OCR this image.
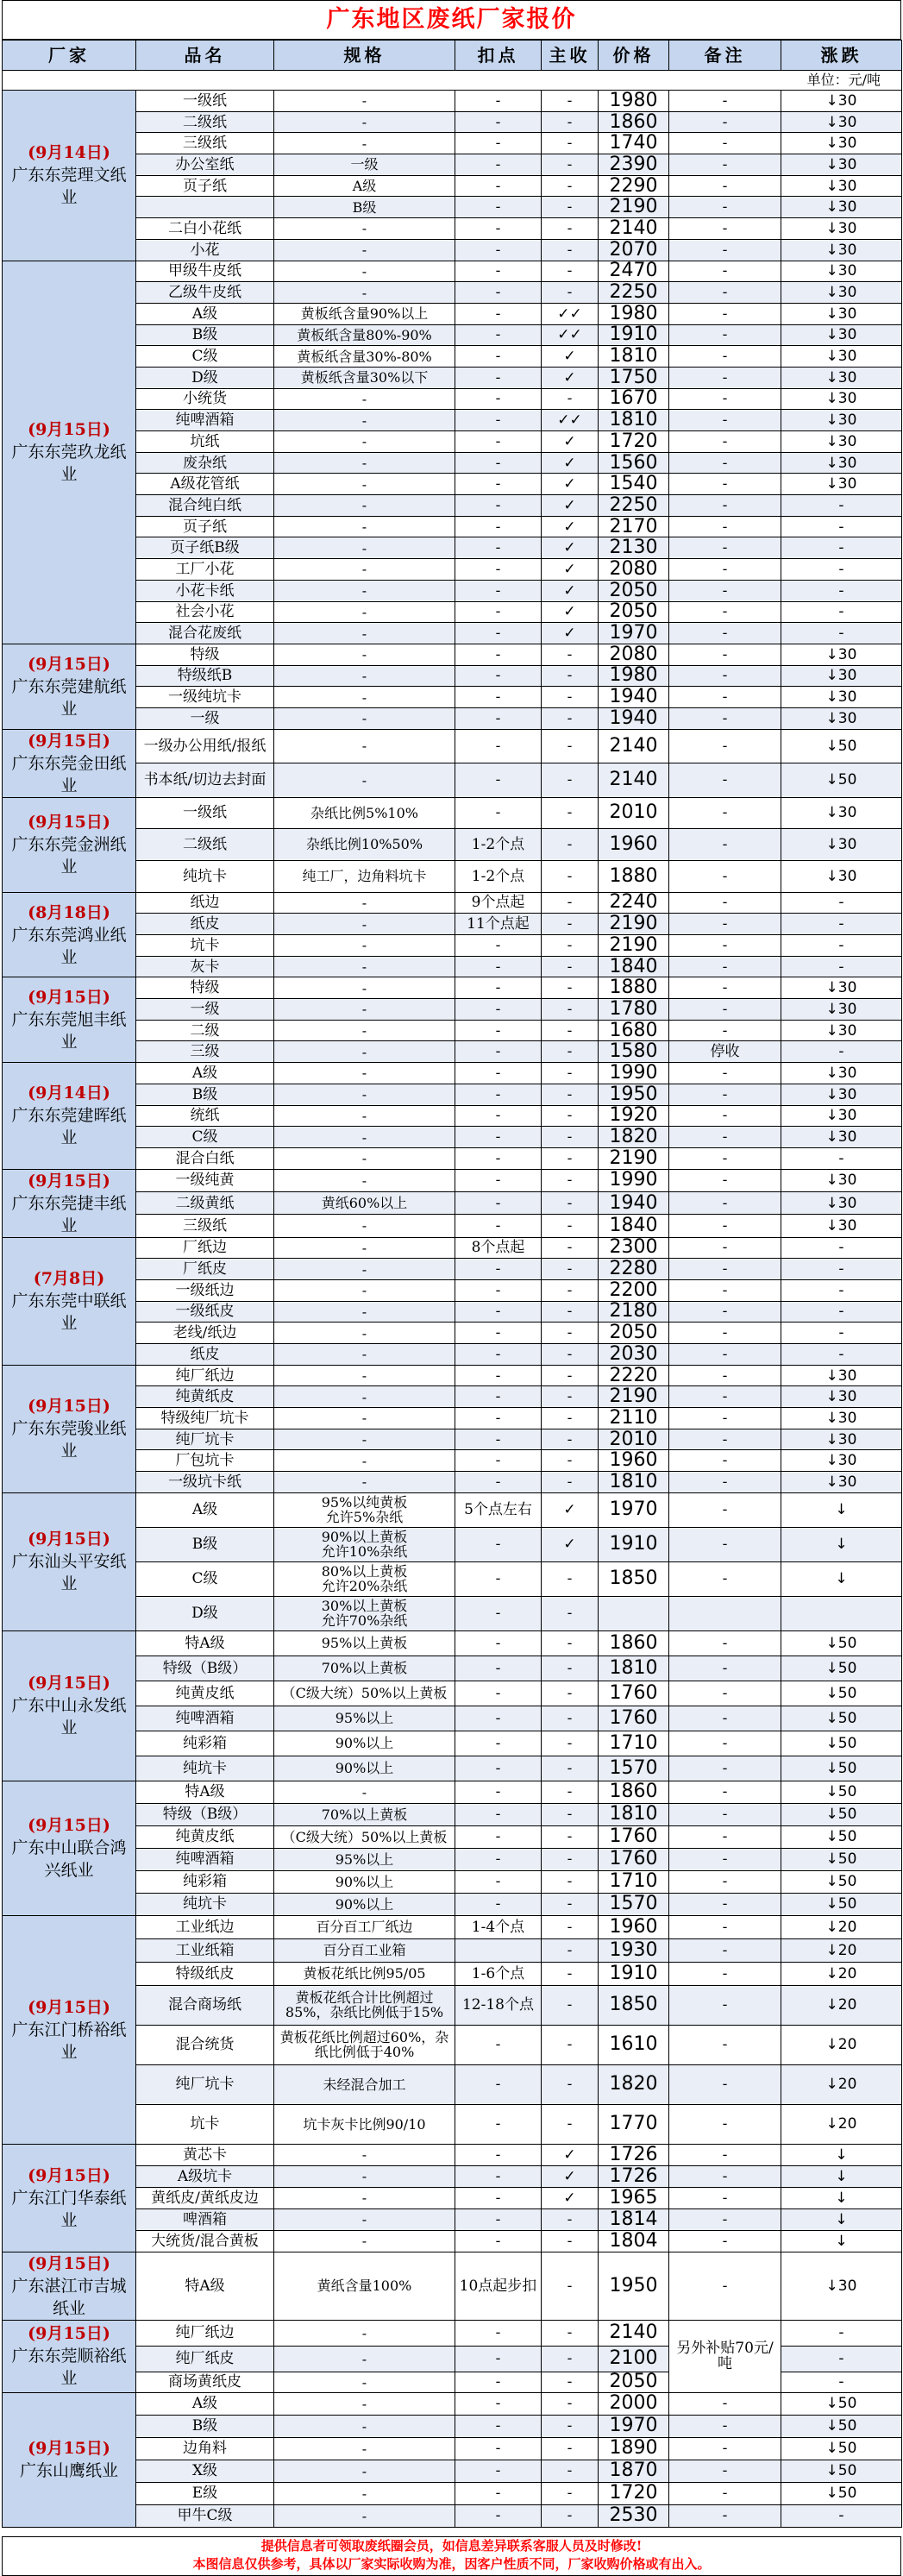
广东地区废纸厂家报价
厂家	品名	规格	扣点	主收	价格	备注	涨跌
单位：元/吨							

(9月14日)
广东东莞理文纸业	一级纸	-	-	-	1980	-	↓30
	二级纸	-	-	-	1860	-	↓30
	三级纸	-	-	-	1740	-	↓30
	办公室纸	一级	-	-	2390	-	↓30
	页子纸	A级	-	-	2290	-	↓30
		B级	-	-	2190	-	↓30
	二白小花纸	-	-	-	2140	-	↓30
	小花	-	-	-	2070	-	↓30

(9月15日)
广东东莞玖龙纸业	甲级牛皮纸	-	-	-	2470	-	↓30
	乙级牛皮纸	-	-	-	2250	-	↓30
	A级	黄板纸含量90%以上	-	✓✓	1980	-	↓30
	B级	黄板纸含量80%-90%	-	✓✓	1910	-	↓30
	C级	黄板纸含量30%-80%	-	✓	1810	-	↓30
	D级	黄板纸含量30%以下	-	✓	1750	-	↓30
	小统货	-	-	-	1670	-	↓30
	纯啤酒箱	-	-	✓✓	1810	-	↓30
	坑纸	-	-	✓	1720	-	↓30
	废杂纸	-	-	✓	1560	-	↓30
	A级花管纸	-	-	✓	1540	-	↓30
	混合纯白纸	-	-	✓	2250	-	-
	页子纸	-	-	✓	2170	-	-
	页子纸B级	-	-	✓	2130	-	-
	工厂小花	-	-	✓	2080	-	-
	小花卡纸	-	-	✓	2050	-	-
	社会小花	-	-	✓	2050	-	-
	混合花废纸	-	-	✓	1970	-	-

(9月15日)
广东东莞建航纸业	特级	-	-	-	2080	-	↓30
	特级纸B	-	-	-	1980	-	↓30
	一级纯坑卡	-	-	-	1940	-	↓30
	一级	-	-	-	1940	-	↓30

(9月15日)
广东东莞金田纸业	一级办公用纸/报纸	-	-	-	2140	-	↓50
	书本纸/切边去封面	-	-	-	2140	-	↓50

(9月15日)
广东东莞金洲纸业	一级纸	杂纸比例5%10%	-	-	2010	-	↓30
	二级纸	杂纸比例10%50%	1-2个点	-	1960	-	↓30
	纯坑卡	纯工厂，边角料坑卡	1-2个点	-	1880	-	↓30

(8月18日)
广东东莞鸿业纸业	纸边	-	9个点起	-	2240	-	-
	纸皮	-	11个点起	-	2190	-	-
	坑卡	-	-	-	2190	-	-
	灰卡	-	-	-	1840	-	-

(9月15日)
广东东莞旭丰纸业	特级	-	-	-	1880	-	↓30
	一级	-	-	-	1780	-	↓30
	二级	-	-	-	1680	-	↓30
	三级	-	-	-	1580	停收	-

(9月14日)
广东东莞建晖纸业	A级	-	-	-	1990	-	↓30
	B级	-	-	-	1950	-	↓30
	统纸	-	-	-	1920	-	↓30
	C级	-	-	-	1820	-	↓30
	混合白纸	-	-	-	2190	-	-

(9月15日)
广东东莞捷丰纸业	一级纯黄	-	-	-	1990	-	↓30
	二级黄纸	黄纸60%以上	-	-	1940	-	↓30
	三级纸	-	-	-	1840	-	↓30

(7月8日)
广东东莞中联纸业	厂纸边	-	8个点起	-	2300	-	-
	厂纸皮	-	-	-	2280	-	-
	一级纸边	-	-	-	2200	-	-
	一级纸皮	-	-	-	2180	-	-
	老线/纸边	-	-	-	2050	-	-
	纸皮	-	-	-	2030	-	-

(9月15日)
广东东莞骏业纸业	纯厂纸边	-	-	-	2220	-	↓30
	纯黄纸皮	-	-	-	2190	-	↓30
	特级纯厂坑卡	-	-	-	2110	-	↓30
	纯厂坑卡	-	-	-	2010	-	↓30
	厂包坑卡	-	-	-	1960	-	↓30
	一级坑卡纸	-	-	-	1810	-	↓30

(9月15日)
广东汕头平安纸业	A级	95%以纯黄板
允许5%杂纸	5个点左右	✓	1970	-	↓
	B级	90%以上黄板
允许10%杂纸	-	✓	1910	-	↓
	C级	80%以上黄板
允许20%杂纸	-	-	1850	-	↓
	D级	30%以上黄板
允许70%杂纸	-	-			

(9月15日)
广东中山永发纸业	特A级	95%以上黄板	-	-	1860	-	↓50
	特级（B级）	70%以上黄板	-	-	1810	-	↓50
	纯黄皮纸	（C级大统）50%以上黄板	-	-	1760	-	↓50
	纯啤酒箱	95%以上	-	-	1760	-	↓50
	纯彩箱	90%以上	-	-	1710	-	↓50
	纯坑卡	90%以上	-	-	1570	-	↓50

(9月15日)
广东中山联合鸿兴纸业	特A级	-	-	-	1860	-	↓50
	特级（B级）	70%以上黄板	-	-	1810	-	↓50
	纯黄皮纸	（C级大统）50%以上黄板	-	-	1760	-	↓50
	纯啤酒箱	95%以上	-	-	1760	-	↓50
	纯彩箱	90%以上	-	-	1710	-	↓50
	纯坑卡	90%以上	-	-	1570	-	↓50

(9月15日)
广东江门桥裕纸业	工业纸边	百分百工厂纸边	1-4个点	-	1960	-	↓20
	工业纸箱	百分百工业箱		-	1930	-	↓20
	特级纸皮	黄板花纸比例95/05	1-6个点	-	1910	-	↓20
	混合商场纸	黄板花纸合计比例超过85%，杂纸比例低于15%	12-18个点	-	1850	-	↓20
	混合统货	黄板花纸比例超过60%，杂纸比例低于40%	-	-	1610	-	↓20
	纯厂坑卡	未经混合加工	-	-	1820	-	↓20
	坑卡	坑卡灰卡比例90/10	-	-	1770	-	↓20

(9月15日)
广东江门华泰纸业	黄芯卡	-	-	✓	1726	-	↓
	A级坑卡	-	-	✓	1726	-	↓
	黄纸皮/黄纸皮边	-	-	✓	1965	-	↓
	啤酒箱	-	-	-	1814	-	↓
	大统货/混合黄板	-	-	-	1804	-	↓

(9月15日)
广东湛江市吉城纸业	特A级	黄纸含量100%	10点起步扣	-	1950	-	↓30

(9月15日)
广东东莞顺裕纸业	纯厂纸边	-	-	-	2140	另外补贴70元/吨	-
	纯厂纸皮	-	-	-	2100		-
	商场黄纸皮	-	-	-	2050		-

(9月15日)
广东山鹰纸业	A级	-	-	-	2000	-	↓50
	B级	-	-	-	1970	-	↓50
	边角料	-	-	-	1890	-	↓50
	X级	-	-	-	1870	-	↓50
	E级	-	-	-	1720	-	↓50
	甲牛C级	-	-	-	2530	-	-
提供信息者可领取废纸圈会员，如信息差异联系客服人员及时修改!
本图信息仅供参考，具体以厂家实际收购为准，因客户性质不同，厂家收购价格或有出入。
